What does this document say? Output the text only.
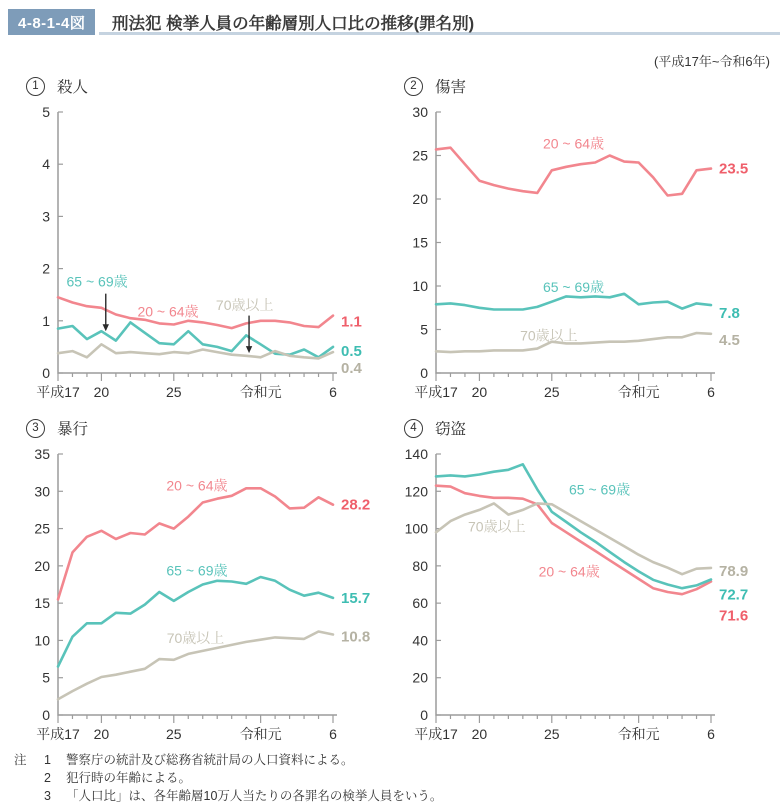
4-8-1-4図 刑法犯 検挙人員の年齢層別人口比の推移(罪名別)
(平成17年~令和6年)
1	殺人
0
1
2
3
4
5
平成17 20	25	令和元	6
1.1
0.5
0.4
65 ~ 69歳
20 ~ 64歳 70歳以上
2	傷害
0
5
10
15
20
25
30
平成17 20	25	令和元	6
23.5
7.8
4.5
20 ~ 64歳
65 ~ 69歳
70歳以上
3	暴行
0
5
10
15
20
25
30
35
平成17 20	25	令和元	6
28.2
15.7
10.8
20 ~ 64歳
65 ~ 69歳
70歳以上
4	窃盗
0
20
40
60
80
100
120
140
平成17 20	25	令和元	6
71.6
72.7
78.9
65 ~ 69歳
70歳以上
20 ~ 64歳
注	1	警察庁の統計及び総務省統計局の人口資料による。
2	犯行時の年齢による。
3	「人口比」は、各年齢層10万人当たりの各罪名の検挙人員をいう。
